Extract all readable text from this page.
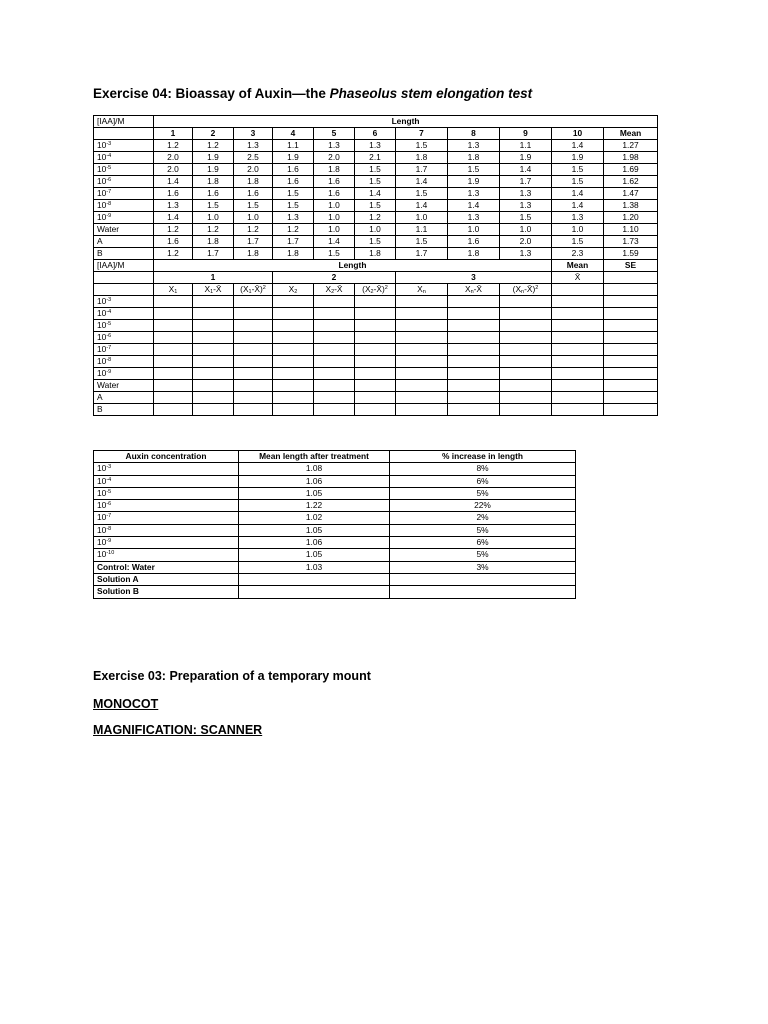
Exercise 04: Bioassay of Auxin—the Phaseolus stem elongation test
[IAA]/M	Length										
	1	2	3	4	5	6	7	8	9	10	Mean
$10^{-3}$	1.2	1.2	1.3	1.1	1.3	1.3	1.5	1.3	1.1	1.4	1.27
$10^{-4}$	2.0	1.9	2.5	1.9	2.0	2.1	1.8	1.8	1.9	1.9	1.98
$10^{-5}$	2.0	1.9	2.0	1.6	1.8	1.5	1.7	1.5	1.4	1.5	1.69
$10^{-6}$	1.4	1.8	1.8	1.6	1.6	1.5	1.4	1.9	1.7	1.5	1.62
$10^{-7}$	1.6	1.6	1.6	1.5	1.6	1.4	1.5	1.3	1.3	1.4	1.47
$10^{-8}$	1.3	1.5	1.5	1.5	1.0	1.5	1.4	1.4	1.3	1.4	1.38
$10^{-9}$	1.4	1.0	1.0	1.3	1.0	1.2	1.0	1.3	1.5	1.3	1.20
Water	1.2	1.2	1.2	1.2	1.0	1.0	1.1	1.0	1.0	1.0	1.10
A	1.6	1.8	1.7	1.7	1.4	1.5	1.5	1.6	2.0	1.5	1.73
B	1.2	1.7	1.8	1.8	1.5	1.8	1.7	1.8	1.3	2.3	1.59
[IAA]/M	Length									Mean	SE
	1			2			3			X̄	
	$X_1$	$X_1-X̄$	$(X_1-X̄)^2$	$X_2$	$X_2-X̄$	$(X_2-X̄)^2$	$X_n$	$X_n-X̄$	$(X_n-X̄)^2$		
$10^{-3}$											
$10^{-4}$											
$10^{-5}$											
$10^{-6}$											
$10^{-7}$											
$10^{-8}$											
$10^{-9}$											
Water											
A											
B											
Auxin concentration	Mean length after treatment	% increase in length
$10^{-3}$	1.08	8%
$10^{-4}$	1.06	6%
$10^{-5}$	1.05	5%
$10^{-6}$	1.22	22%
$10^{-7}$	1.02	2%
$10^{-8}$	1.05	5%
$10^{-9}$	1.06	6%
$10^{-10}$	1.05	5%
Control: Water	1.03	3%
Solution A		
Solution B		
Exercise 03: Preparation of a temporary mount
MONOCOT
MAGNIFICATION: SCANNER
